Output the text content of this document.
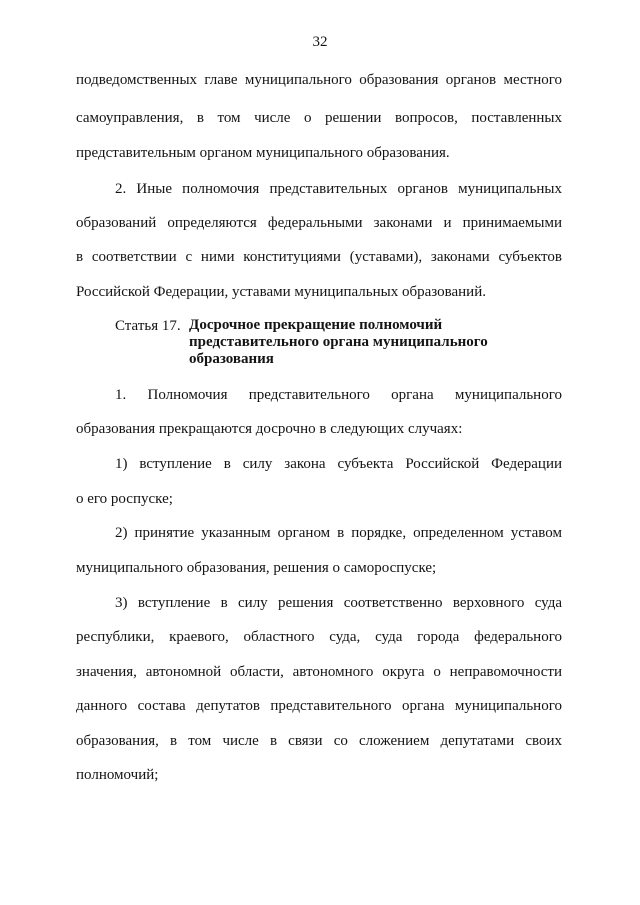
32
подведомственных главе муниципального образования органов местного
самоуправления, в том числе о решении вопросов, поставленных
представительным органом муниципального образования.
2. Иные полномочия представительных органов муниципальных
образований определяются федеральными законами и принимаемыми
в соответствии с ними конституциями (уставами), законами субъектов
Российской Федерации, уставами муниципальных образований.
Статья 17. Досрочное прекращение полномочий
представительного органа муниципального
образования
1. Полномочия представительного органа муниципального
образования прекращаются досрочно в следующих случаях:
1) вступление в силу закона субъекта Российской Федерации
о его роспуске;
2) принятие указанным органом в порядке, определенном уставом
муниципального образования, решения о самороспуске;
3) вступление в силу решения соответственно верховного суда
республики, краевого, областного суда, суда города федерального
значения, автономной области, автономного округа о неправомочности
данного состава депутатов представительного органа муниципального
образования, в том числе в связи со сложением депутатами своих
полномочий;
